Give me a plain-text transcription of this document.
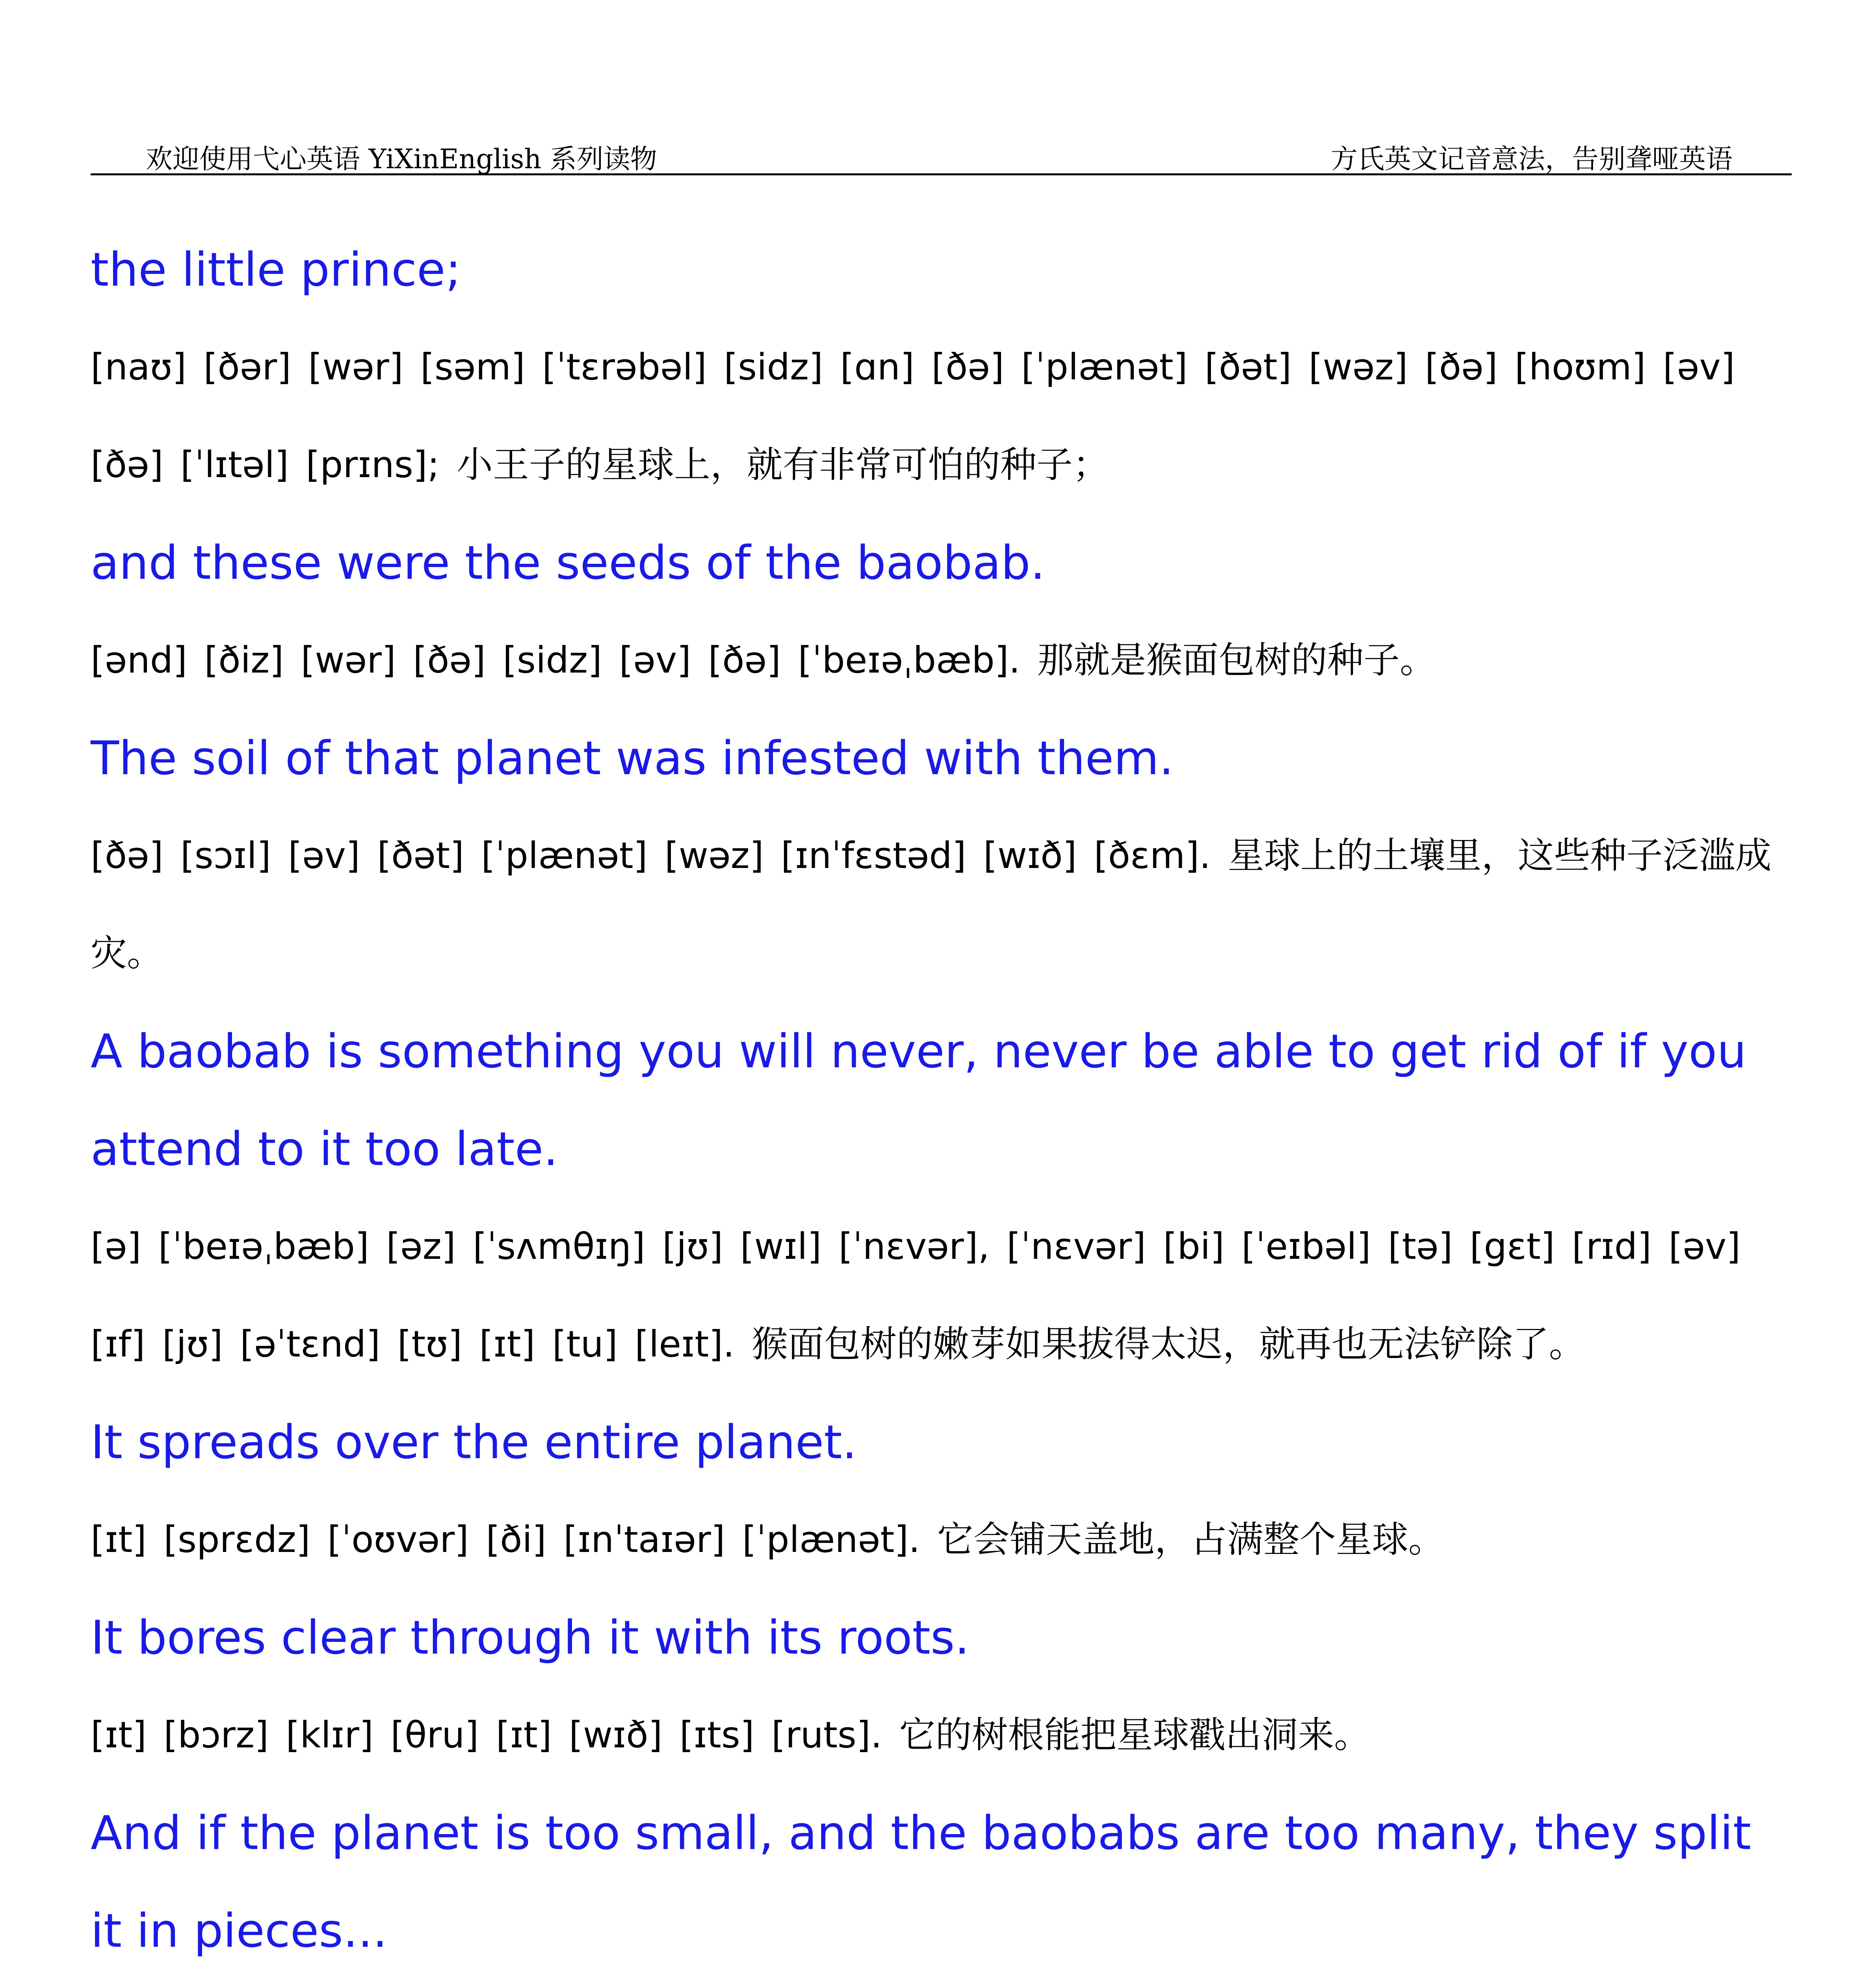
欢迎使用弋心英语 YiXinEnglish 系列读物	方氏英文记音意法，告别聋哑英语

the little prince;

[naʊ] [ðər] [wər] [səm] [ˈtɛrəbəl] [sidz] [ɑn] [ðə] [ˈplænət] [ðət] [wəz] [ðə] [hoʊm] [əv] [ðə] [ˈlɪtəl] [prɪns]; 小王子的星球上，就有非常可怕的种子；

and these were the seeds of the baobab.

[ənd] [ðiz] [wər] [ðə] [sidz] [əv] [ðə] [ˈbeɪəˌbæb]. 那就是猴面包树的种子。

The soil of that planet was infested with them.

[ðə] [sɔɪl] [əv] [ðət] [ˈplænət] [wəz] [ɪnˈfɛstəd] [wɪð] [ðɛm]. 星球上的土壤里，这些种子泛滥成灾。

A baobab is something you will never, never be able to get rid of if you attend to it too late.

[ə] [ˈbeɪəˌbæb] [əz] [ˈsʌmθɪŋ] [jʊ] [wɪl] [ˈnɛvər], [ˈnɛvər] [bi] [ˈeɪbəl] [tə] [gɛt] [rɪd] [əv] [ɪf] [jʊ] [əˈtɛnd] [tʊ] [ɪt] [tu] [leɪt]. 猴面包树的嫩芽如果拔得太迟，就再也无法铲除了。

It spreads over the entire planet.

[ɪt] [sprɛdz] [ˈoʊvər] [ði] [ɪnˈtaɪər] [ˈplænət]. 它会铺天盖地，占满整个星球。

It bores clear through it with its roots.

[ɪt] [bɔrz] [klɪr] [θru] [ɪt] [wɪð] [ɪts] [ruts]. 它的树根能把星球戳出洞来。

And if the planet is too small, and the baobabs are too many, they split it in pieces...
